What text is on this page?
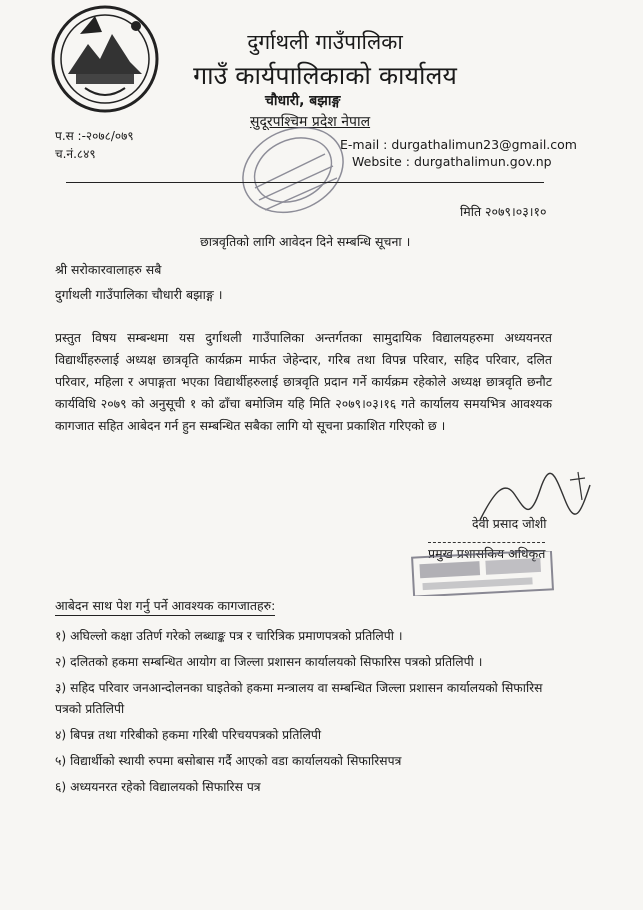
दुर्गाथली गाउँपालिका
गाउँ कार्यपालिकाको कार्यालय
चौधारी, बझाङ्ग
सुदूरपश्चिम प्रदेश नेपाल
प.स :-२०७८/०७९
च.नं.८४९
E-mail : durgathalimun23@gmail.com
Website : durgathalimun.gov.np
मिति २०७९।०३।१०
छात्रवृतिको लागि आवेदन दिने सम्बन्धि सूचना ।
श्री सरोकारवालाहरु सबै
दुर्गाथली गाउँपालिका चौधारी बझाङ्ग ।
प्रस्तुत विषय सम्बन्धमा यस दुर्गाथली गाउँपालिका अन्तर्गतका सामुदायिक विद्यालयहरुमा अध्ययनरत विद्यार्थीहरुलाई अध्यक्ष छात्रवृति कार्यक्रम मार्फत जेहेन्दार, गरिब तथा विपन्न परिवार, सहिद परिवार, दलित परिवार, महिला र अपाङ्गता भएका विद्यार्थीहरुलाई छात्रवृति प्रदान गर्ने कार्यक्रम रहेकोले अध्यक्ष छात्रवृति छनौट कार्यविधि २०७९ को अनुसूची १ को ढाँचा बमोजिम यहि मिति २०७९।०३।१६ गते कार्यालय समयभित्र आवश्यक कागजात सहित आबेदन गर्न हुन सम्बन्धित सबैका लागि यो सूचना प्रकाशित गरिएको छ ।
देवी प्रसाद जोशी
प्रमुख प्रशासकिय अधिकृत
आबेदन साथ पेश गर्नु पर्ने आवश्यक कागजातहरु:
१) अघिल्लो कक्षा उतिर्ण गरेको लब्धाङ्क पत्र र चारित्रिक प्रमाणपत्रको प्रतिलिपी ।
२) दलितको हकमा सम्बन्धित आयोग वा जिल्ला प्रशासन कार्यालयको सिफारिस पत्रको प्रतिलिपी ।
३) सहिद परिवार जनआन्दोलनका घाइतेको हकमा मन्त्रालय वा सम्बन्धित जिल्ला प्रशासन कार्यालयको सिफारिस पत्रको प्रतिलिपी
४) बिपन्न तथा गरिबीको हकमा गरिबी परिचयपत्रको प्रतिलिपी
५) विद्यार्थीको स्थायी रुपमा बसोबास गर्दै आएको वडा कार्यालयको सिफारिसपत्र
६) अध्ययनरत रहेको विद्यालयको सिफारिस पत्र
